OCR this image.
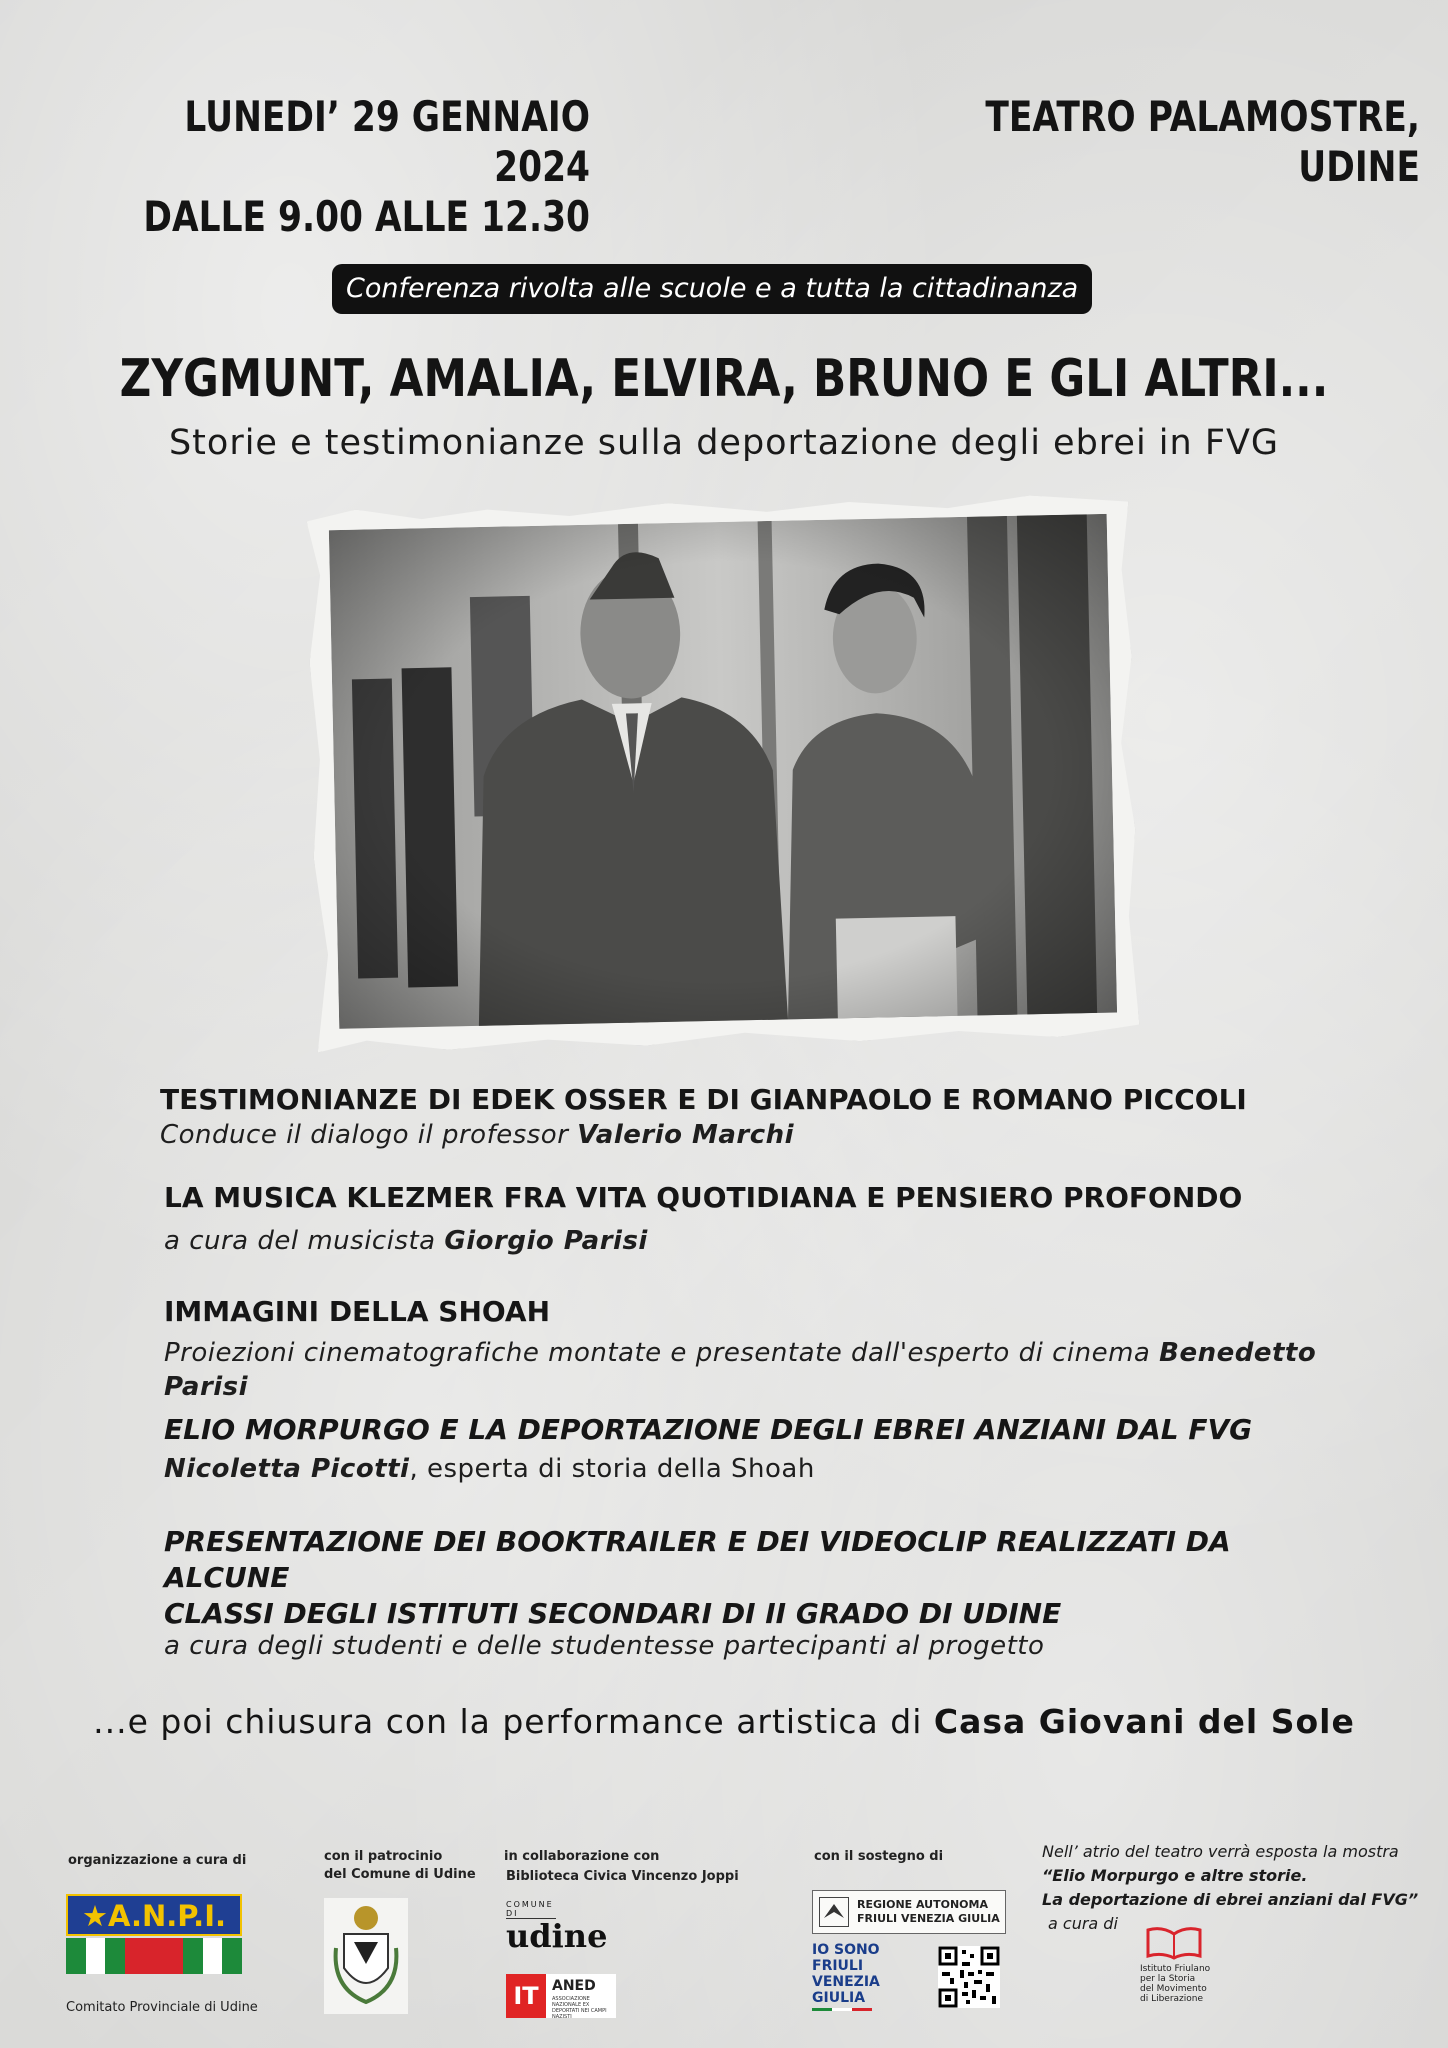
LUNEDI’ 29 GENNAIO 2024
DALLE 9.00 ALLE 12.30
TEATRO PALAMOSTRE, UDINE
Conferenza rivolta alle scuole e a tutta la cittadinanza
ZYGMUNT, AMALIA, ELVIRA, BRUNO E GLI ALTRI...
Storie e testimonianze sulla deportazione degli ebrei in FVG
TESTIMONIANZE DI EDEK OSSER E DI GIANPAOLO E ROMANO PICCOLI
Conduce il dialogo il professor Valerio Marchi
LA MUSICA KLEZMER FRA VITA QUOTIDIANA E PENSIERO PROFONDO
a cura del musicista Giorgio Parisi
IMMAGINI DELLA SHOAH
Proiezioni cinematografiche montate e presentate dall'esperto di cinema Benedetto Parisi
ELIO MORPURGO E LA DEPORTAZIONE DEGLI EBREI ANZIANI DAL FVG
Nicoletta Picotti, esperta di storia della Shoah
PRESENTAZIONE DEI BOOKTRAILER E DEI VIDEOCLIP REALIZZATI DA ALCUNE
CLASSI DEGLI ISTITUTI SECONDARI DI II GRADO DI UDINE
a cura degli studenti e delle studentesse partecipanti al progetto
...e poi chiusura con la performance artistica di Casa Giovani del Sole
organizzazione a cura di
★A.N.P.I.
Comitato Provinciale di Udine
con il patrocinio
del Comune di Udine
in collaborazione con
Biblioteca Civica Vincenzo Joppi
COMUNE DI
udine
IT ANED
ASSOCIAZIONE NAZIONALE EX DEPORTATI NEI CAMPI NAZISTI
con il sostegno di
REGIONE AUTONOMA
FRIULI VENEZIA GIULIA
IO SONO
FRIULI
VENEZIA
GIULIA
Nell’ atrio del teatro verrà esposta la mostra
“Elio Morpurgo e altre storie.
La deportazione di ebrei anziani dal FVG”
a cura di
Istituto Friulano
per la Storia
del Movimento
di Liberazione
